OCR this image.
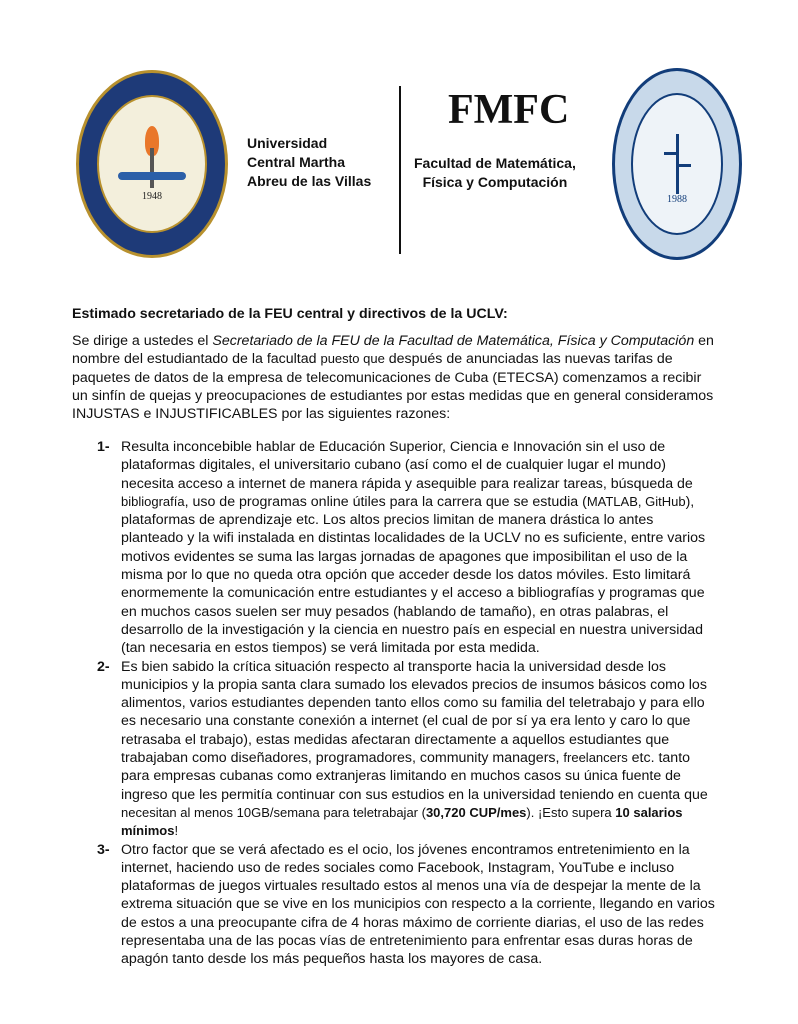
1948

Universidad
Central Martha
Abreu de las Villas

FMFC

Facultad de Matemática,
Física y Computación

1988

Estimado secretariado de la FEU central y directivos de la UCLV:

Se dirige a ustedes el Secretariado de la FEU de la Facultad de Matemática, Física y Computación en
nombre del estudiantado de la facultad puesto que después de anunciadas las nuevas tarifas de
paquetes de datos de la empresa de telecomunicaciones de Cuba (ETECSA) comenzamos a recibir
un sinfín de quejas y preocupaciones de estudiantes por estas medidas que en general consideramos
INJUSTAS e INJUSTIFICABLES por las siguientes razones:

1- Resulta inconcebible hablar de Educación Superior, Ciencia e Innovación sin el uso de
plataformas digitales, el universitario cubano (así como el de cualquier lugar el mundo)
necesita acceso a internet de manera rápida y asequible para realizar tareas, búsqueda de
bibliografía, uso de programas online útiles para la carrera que se estudia (MATLAB, GitHub),
plataformas de aprendizaje etc. Los altos precios limitan de manera drástica lo antes
planteado y la wifi instalada en distintas localidades de la UCLV no es suficiente, entre varios
motivos evidentes se suma las largas jornadas de apagones que imposibilitan el uso de la
misma por lo que no queda otra opción que acceder desde los datos móviles. Esto limitará
enormemente la comunicación entre estudiantes y el acceso a bibliografías y programas que
en muchos casos suelen ser muy pesados (hablando de tamaño), en otras palabras, el
desarrollo de la investigación y la ciencia en nuestro país en especial en nuestra universidad
(tan necesaria en estos tiempos) se verá limitada por esta medida.
2- Es bien sabido la crítica situación respecto al transporte hacia la universidad desde los
municipios y la propia santa clara sumado los elevados precios de insumos básicos como los
alimentos, varios estudiantes dependen tanto ellos como su familia del teletrabajo y para ello
es necesario una constante conexión a internet (el cual de por sí ya era lento y caro lo que
retrasaba el trabajo), estas medidas afectaran directamente a aquellos estudiantes que
trabajaban como diseñadores, programadores, community managers, freelancers etc. tanto
para empresas cubanas como extranjeras limitando en muchos casos su única fuente de
ingreso que les permitía continuar con sus estudios en la universidad teniendo en cuenta que
necesitan al menos 10GB/semana para teletrabajar (30,720 CUP/mes). ¡Esto supera 10 salarios
mínimos!
3- Otro factor que se verá afectado es el ocio, los jóvenes encontramos entretenimiento en la
internet, haciendo uso de redes sociales como Facebook, Instagram, YouTube e incluso
plataformas de juegos virtuales resultado estos al menos una vía de despejar la mente de la
extrema situación que se vive en los municipios con respecto a la corriente, llegando en varios
de estos a una preocupante cifra de 4 horas máximo de corriente diarias, el uso de las redes
representaba una de las pocas vías de entretenimiento para enfrentar esas duras horas de
apagón tanto desde los más pequeños hasta los mayores de casa.
